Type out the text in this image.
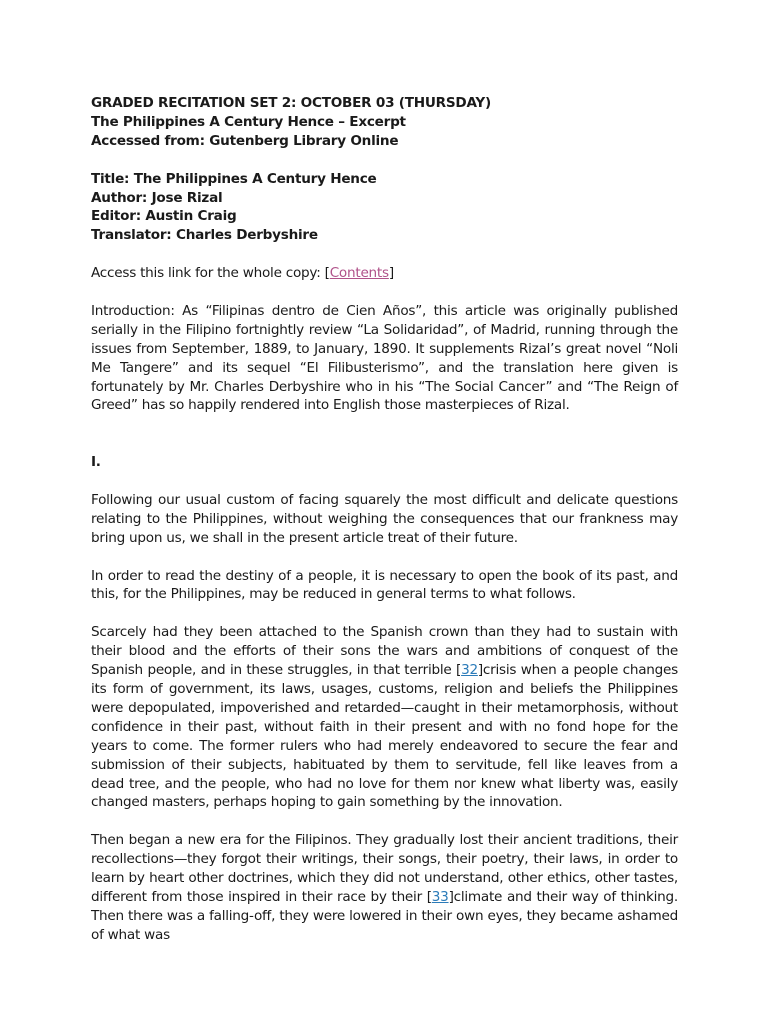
GRADED RECITATION SET 2: OCTOBER 03 (THURSDAY)
The Philippines A Century Hence – Excerpt
Accessed from: Gutenberg Library Online
Title: The Philippines A Century Hence
Author: Jose Rizal
Editor: Austin Craig
Translator: Charles Derbyshire

Access this link for the whole copy: [Contents]

Introduction: As “Filipinas dentro de Cien Años”, this article was originally published serially in the Filipino fortnightly review “La Solidaridad”, of Madrid, running through the issues from September, 1889, to January, 1890. It supplements Rizal’s great novel “Noli Me Tangere” and its sequel “El Filibusterismo”, and the translation here given is fortunately by Mr. Charles Derbyshire who in his “The Social Cancer” and “The Reign of Greed” has so happily rendered into English those masterpieces of Rizal.

I.

Following our usual custom of facing squarely the most difficult and delicate questions relating to the Philippines, without weighing the consequences that our frankness may bring upon us, we shall in the present article treat of their future.

In order to read the destiny of a people, it is necessary to open the book of its past, and this, for the Philippines, may be reduced in general terms to what follows.

Scarcely had they been attached to the Spanish crown than they had to sustain with their blood and the efforts of their sons the wars and ambitions of conquest of the Spanish people, and in these struggles, in that terrible [32]crisis when a people changes its form of government, its laws, usages, customs, religion and beliefs the Philippines were depopulated, impoverished and retarded—caught in their metamorphosis, without confidence in their past, without faith in their present and with no fond hope for the years to come. The former rulers who had merely endeavored to secure the fear and submission of their subjects, habituated by them to servitude, fell like leaves from a dead tree, and the people, who had no love for them nor knew what liberty was, easily changed masters, perhaps hoping to gain something by the innovation.

Then began a new era for the Filipinos. They gradually lost their ancient traditions, their recollections—they forgot their writings, their songs, their poetry, their laws, in order to learn by heart other doctrines, which they did not understand, other ethics, other tastes, different from those inspired in their race by their [33]climate and their way of thinking. Then there was a falling-off, they were lowered in their own eyes, they became ashamed of what was
